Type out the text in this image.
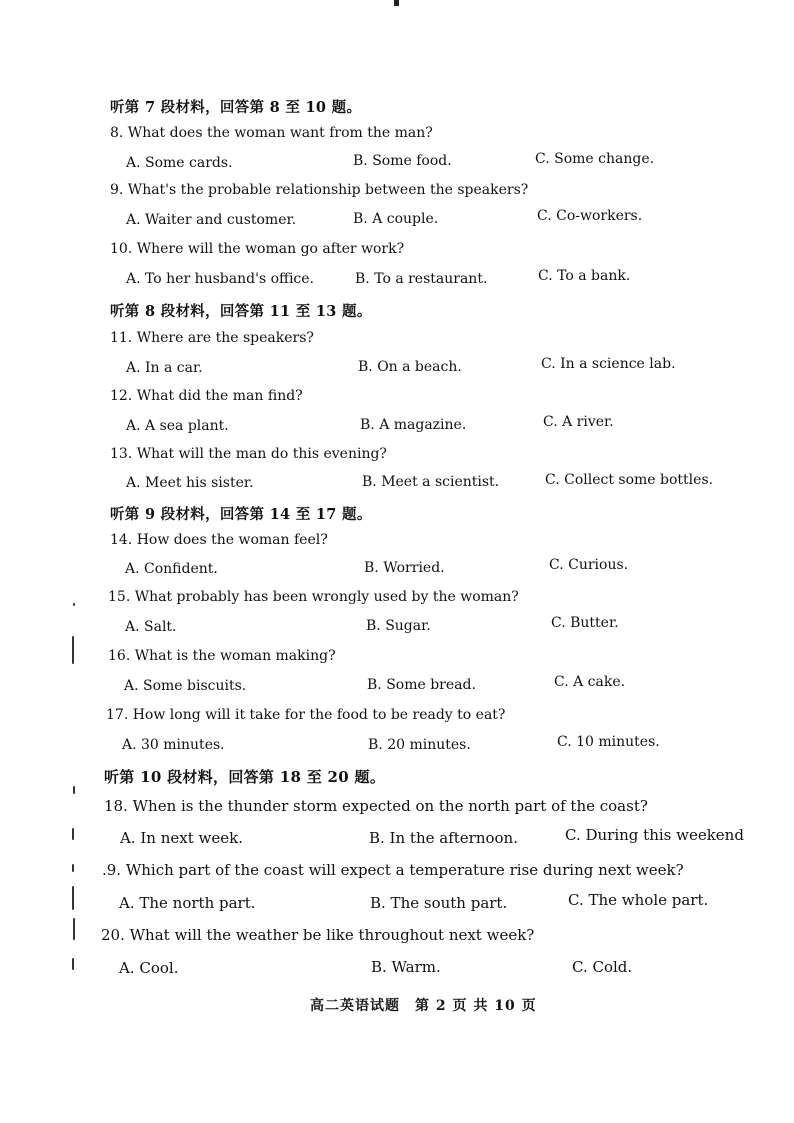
听第 7 段材料，回答第 8 至 10 题。
8. What does the woman want from the man?
A. Some cards.	B. Some food.	C. Some change.
9. What's the probable relationship between the speakers?
A. Waiter and customer.	B. A couple.	C. Co-workers.
10. Where will the woman go after work?
A. To her husband's office.	B. To a restaurant.	C. To a bank.
听第 8 段材料，回答第 11 至 13 题。
11. Where are the speakers?
A. In a car.	B. On a beach.	C. In a science lab.
12. What did the man find?
A. A sea plant.	B. A magazine.	C. A river.
13. What will the man do this evening?
A. Meet his sister.	B. Meet a scientist.	C. Collect some bottles.
听第 9 段材料，回答第 14 至 17 题。
14. How does the woman feel?
A. Confident.	B. Worried.	C. Curious.
15. What probably has been wrongly used by the woman?
A. Salt.	B. Sugar.	C. Butter.
16. What is the woman making?
A. Some biscuits.	B. Some bread.	C. A cake.
17. How long will it take for the food to be ready to eat?
A. 30 minutes.	B. 20 minutes.	C. 10 minutes.
听第 10 段材料，回答第 18 至 20 题。
18. When is the thunder storm expected on the north part of the coast?
A. In next week.	B. In the afternoon.	C. During this weekend
.9. Which part of the coast will expect a temperature rise during next week?
A. The north part.	B. The south part.	C. The whole part.
20. What will the weather be like throughout next week?
A. Cool.	B. Warm.	C. Cold.
高二英语试题　第 2 页 共 10 页
